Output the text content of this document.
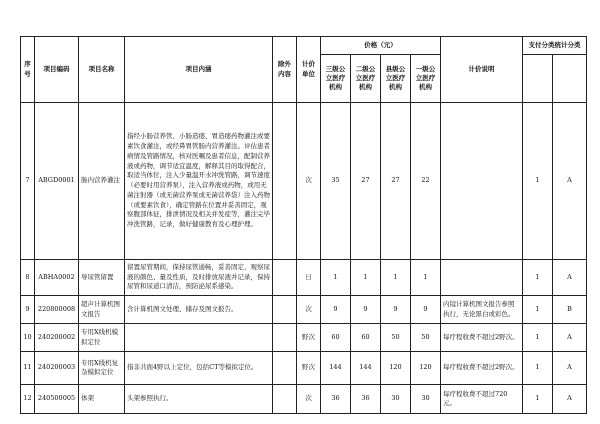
序号	项目编码	项目名称	项目内涵	除外内容	计价单位	价格（元）				计价说明	支付分类统计分类	
						三级公立医疗机构	二级公立医疗机构	县级公立医疗机构	一级公立医疗机构			
7	ABGD0001	肠内营养灌注	指经小肠营养管、小肠造瘘、胃造瘘药物灌注或要素饮食灌注，或经鼻胃管肠内营养灌注。评估患者病情及管路情况，核对医嘱及患者信息，配制营养液或药物，调节适宜温度，解释其目的取得配合，取适当体位，注入少量温开水冲洗管路，调节速度（必要时用营养泵），注入营养液或药物，或用无菌注射器（或无菌营养泵或无菌营养袋）注入药物（或要素饮食），确定管路在位置并妥善固定，观察腹部体征，排泄情况及相关并发症等，灌注完毕冲洗管路，记录，做好健康教育及心理护理。		次	35	27	27	22		1	A
8	ABHA0002	导尿管留置	留置尿管期间，保持尿管通畅，妥善固定，观察尿液的颜色、量及性质，及时排放尿液并记录，保持尿管和尿道口清洁，预防泌尿系感染。		日	1	1	1	1		1	A
9	220800008	超声计算机图文报告	含计算机图文处理、储存及图文报告。		次	9	9	9	9	内镜计算机图文报告参照执行，无论黑白或彩色。	1	B
10	240200002	专用X线机模拟定位			野次	60	60	50	50	每疗程收费不超过2野次。	1	A
11	240200003	专用X线机复杂模拟定位	指非共面4野以上定位，包括CT等模拟定位。		野次	144	144	120	120	每疗程收费不超过2野次。	1	A
12	240500005	体架	头架参照执行。		次	36	36	30	30	每疗程收费不超过720元。	1	A
